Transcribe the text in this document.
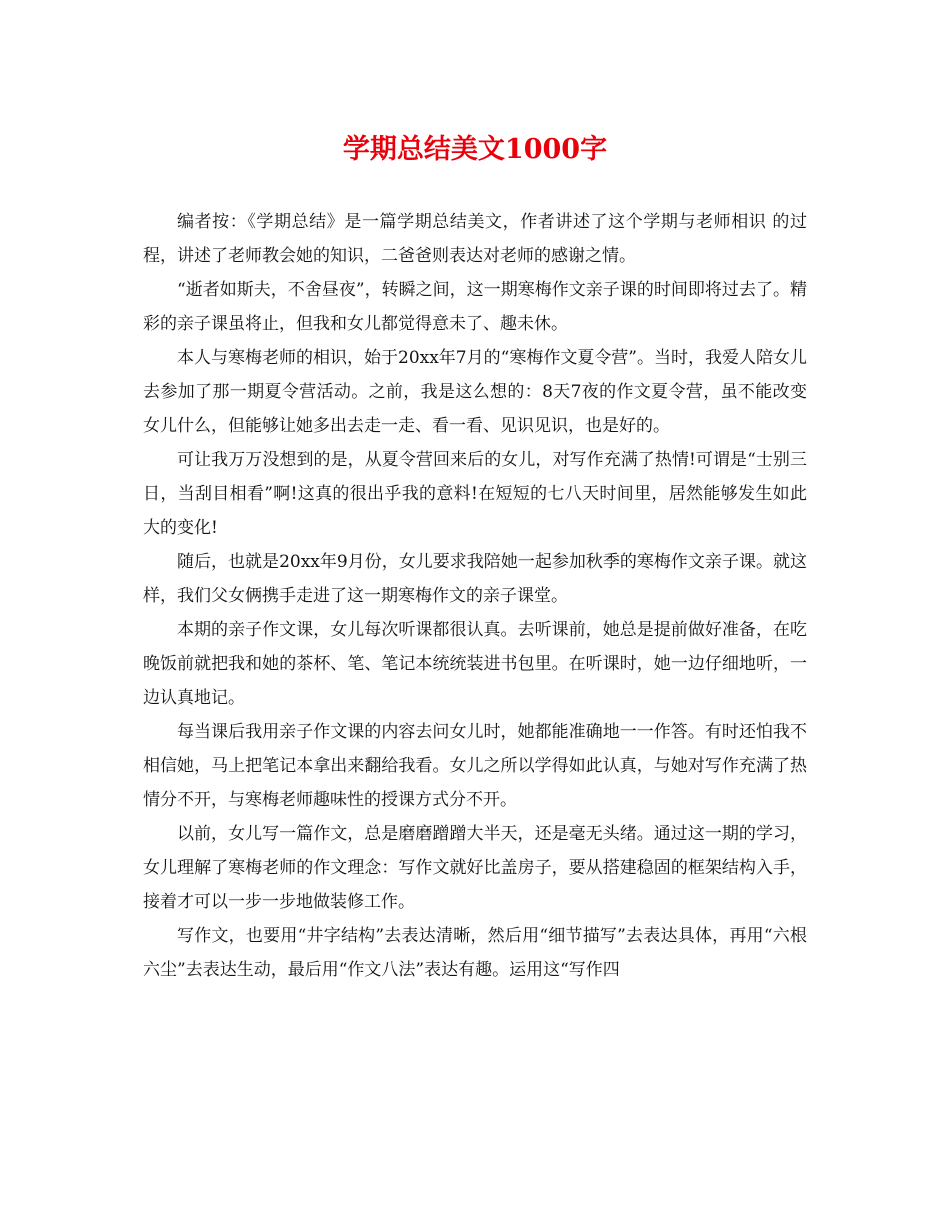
学期总结美文1000字

编者按：《学期总结》是一篇学期总结美文，作者讲述了这个学期与老师相识 的过程，讲述了老师教会她的知识，二爸爸则表达对老师的感谢之情。

“逝者如斯夫，不舍昼夜”，转瞬之间，这一期寒梅作文亲子课的时间即将过去了。精彩的亲子课虽将止，但我和女儿都觉得意未了、趣未休。

本人与寒梅老师的相识，始于20xx年7月的“寒梅作文夏令营”。当时，我爱人陪女儿去参加了那一期夏令营活动。之前，我是这么想的：8天7夜的作文夏令营，虽不能改变女儿什么，但能够让她多出去走一走、看一看、见识见识，也是好的。

可让我万万没想到的是，从夏令营回来后的女儿，对写作充满了热情!可谓是“士别三日，当刮目相看”啊!这真的很出乎我的意料!在短短的七八天时间里，居然能够发生如此大的变化!

随后，也就是20xx年9月份，女儿要求我陪她一起参加秋季的寒梅作文亲子课。就这样，我们父女俩携手走进了这一期寒梅作文的亲子课堂。

本期的亲子作文课，女儿每次听课都很认真。去听课前，她总是提前做好准备，在吃晚饭前就把我和她的茶杯、笔、笔记本统统装进书包里。在听课时，她一边仔细地听，一边认真地记。

每当课后我用亲子作文课的内容去问女儿时，她都能准确地一一作答。有时还怕我不相信她，马上把笔记本拿出来翻给我看。女儿之所以学得如此认真，与她对写作充满了热情分不开，与寒梅老师趣味性的授课方式分不开。

以前，女儿写一篇作文，总是磨磨蹭蹭大半天，还是毫无头绪。通过这一期的学习，女儿理解了寒梅老师的作文理念：写作文就好比盖房子，要从搭建稳固的框架结构入手，接着才可以一步一步地做装修工作。

写作文，也要用“井字结构”去表达清晰，然后用“细节描写”去表达具体，再用“六根六尘”去表达生动，最后用“作文八法”表达有趣。运用这“写作四
